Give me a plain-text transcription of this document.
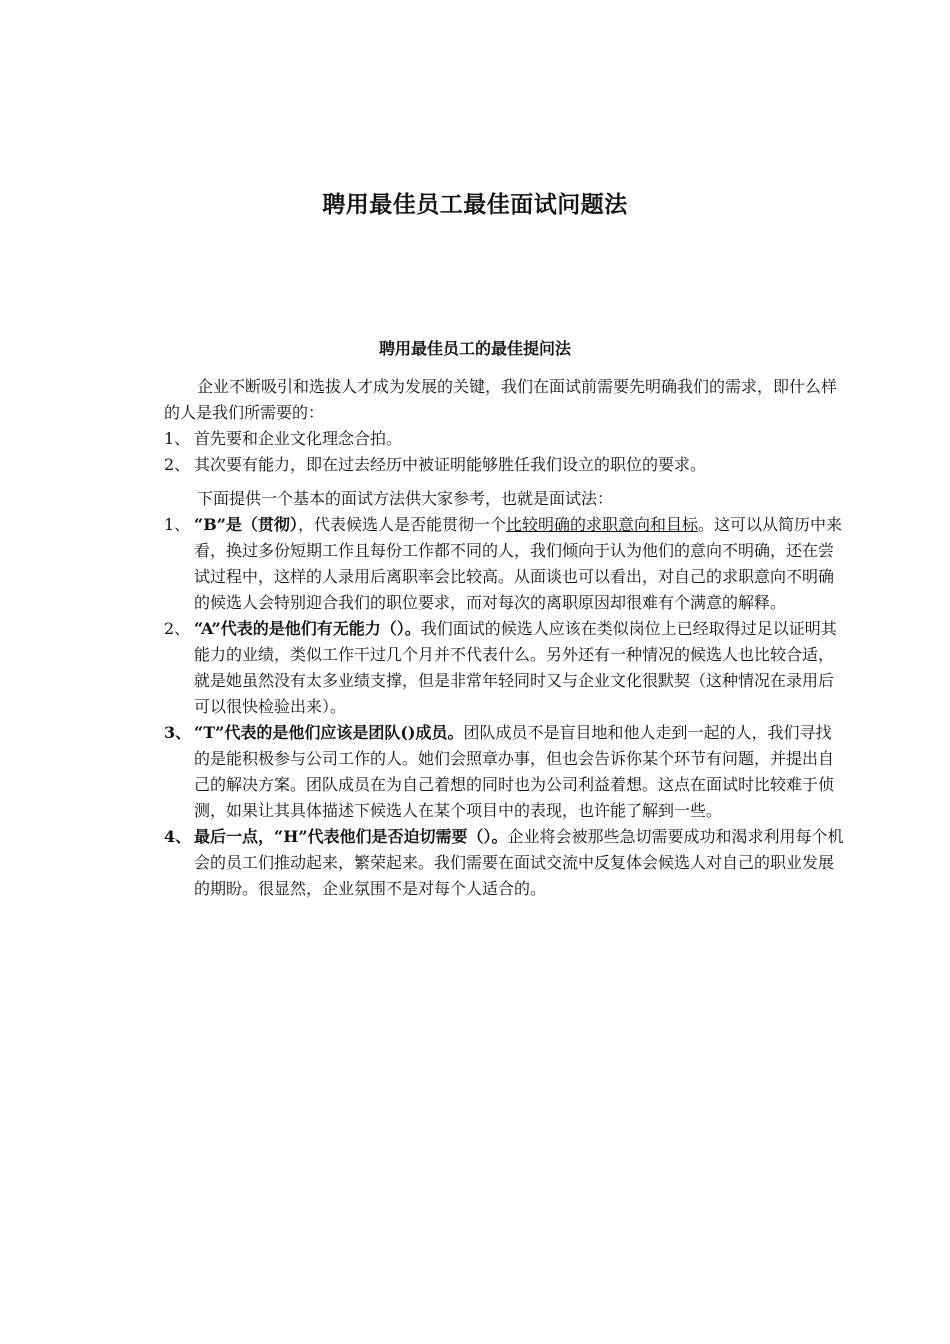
聘用最佳员工最佳面试问题法
聘用最佳员工的最佳提问法

企业不断吸引和选拔人才成为发展的关键，我们在面试前需要先明确我们的需求，即什么样的人是我们所需要的：

1、 首先要和企业文化理念合拍。
2、 其次要有能力，即在过去经历中被证明能够胜任我们设立的职位的要求。

下面提供一个基本的面试方法供大家参考，也就是面试法：

1、 “B”是（贯彻），代表候选人是否能贯彻一个比较明确的求职意向和目标。这可以从简历中来看，换过多份短期工作且每份工作都不同的人，我们倾向于认为他们的意向不明确，还在尝试过程中，这样的人录用后离职率会比较高。从面谈也可以看出，对自己的求职意向不明确的候选人会特别迎合我们的职位要求，而对每次的离职原因却很难有个满意的解释。
2、 “A”代表的是他们有无能力（）。我们面试的候选人应该在类似岗位上已经取得过足以证明其能力的业绩，类似工作干过几个月并不代表什么。另外还有一种情况的候选人也比较合适，就是她虽然没有太多业绩支撑，但是非常年轻同时又与企业文化很默契（这种情况在录用后可以很快检验出来）。
3、 “T”代表的是他们应该是团队()成员。团队成员不是盲目地和他人走到一起的人，我们寻找的是能积极参与公司工作的人。她们会照章办事，但也会告诉你某个环节有问题，并提出自己的解决方案。团队成员在为自己着想的同时也为公司利益着想。这点在面试时比较难于侦测，如果让其具体描述下候选人在某个项目中的表现，也许能了解到一些。
4、 最后一点，“H”代表他们是否迫切需要（）。企业将会被那些急切需要成功和渴求利用每个机会的员工们推动起来，繁荣起来。我们需要在面试交流中反复体会候选人对自己的职业发展的期盼。很显然，企业氛围不是对每个人适合的。
